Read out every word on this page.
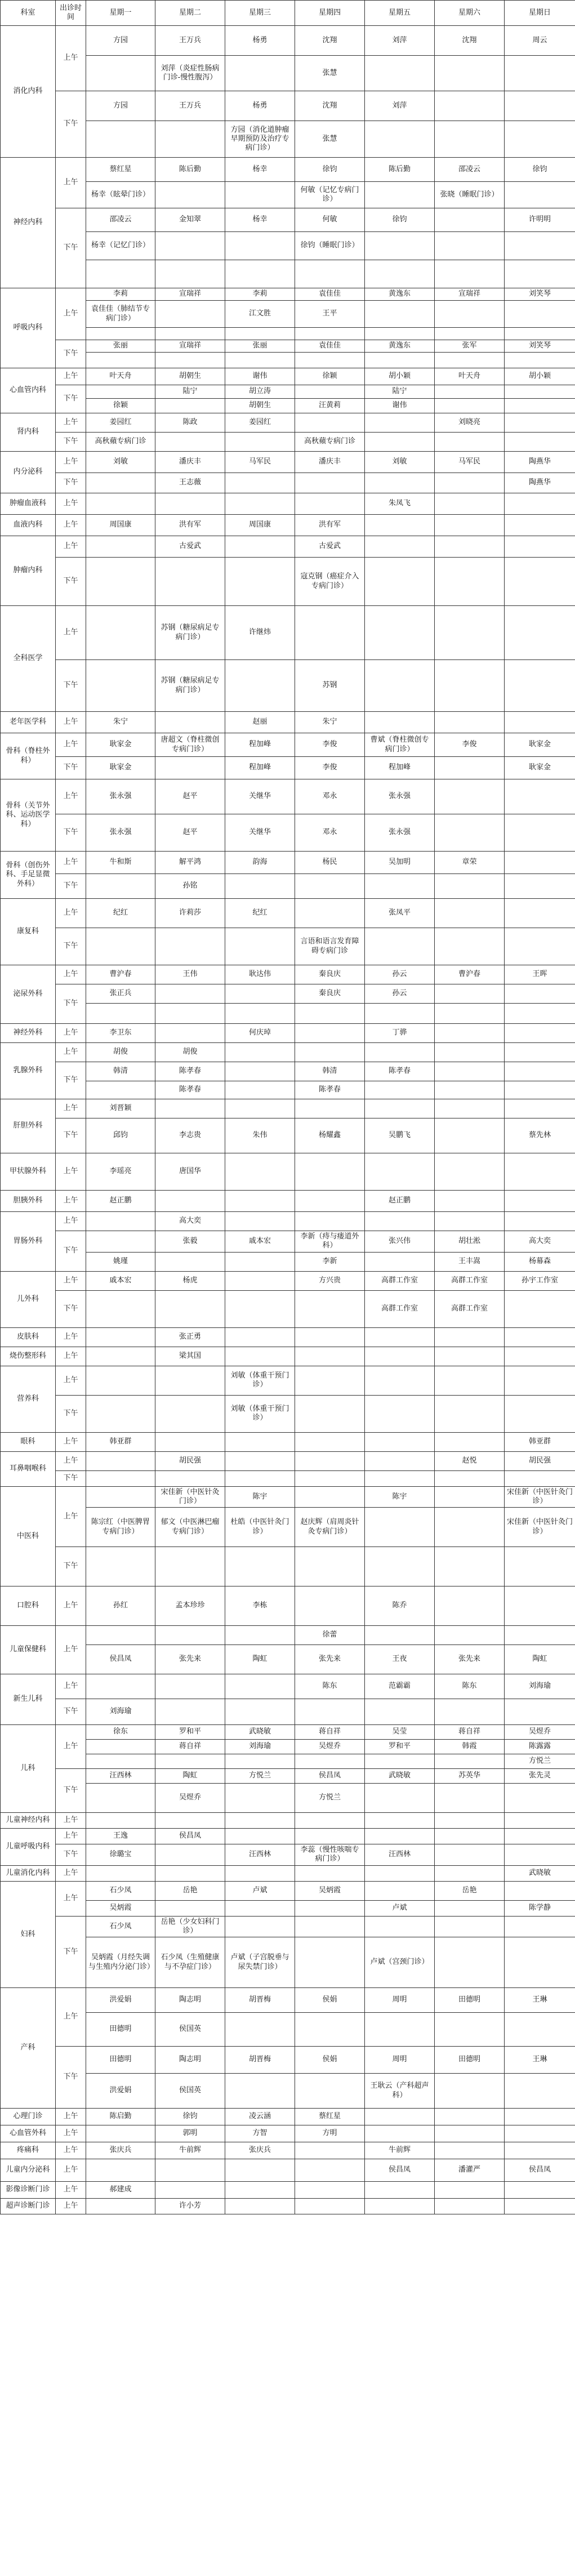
科室	出诊时间	星期一	星期二	星期三	星期四	星期五	星期六	星期日	
消化内科	上午	方园	王万兵	杨勇	沈翔	刘萍	沈翔	周云	
			刘萍（炎症性肠病门诊-慢性腹泻）		张慧				
	下午	方园	王万兵	杨勇	沈翔	刘萍			
				方园（消化道肿瘤早期预防及治疗专病门诊）	张慧				
神经内科	上午	蔡红星	陈后勤	杨幸	徐钧	陈后勤	邵凌云	徐钧	
		杨幸（眩晕门诊）			何敏（记忆专病门诊）		张晓（睡眠门诊）		
	下午	邵凌云	金知翠	杨幸	何敏	徐钧		许明明	
		杨幸（记忆门诊）			徐钧（睡眠门诊）				

呼吸内科	上午	李莉	宣瑞祥	李莉	袁佳佳	黄逸东	宣瑞祥	刘笑琴	
		袁佳佳（肺结节专病门诊）		江文胜	王平				

	下午	张丽	宣瑞祥	张丽	袁佳佳	黄逸东	张军	刘笑琴	

心血管内科	上午	叶天舟	胡朝生	谢伟	徐颖	胡小颖	叶天舟	胡小颖	
	下午		陆宁	胡立涛		陆宁			
		徐颖		胡朝生	汪黄莉	谢伟			
肾内科	上午	姜园红	陈政	姜园红			刘晓亮		
	下午	高秋蘋专病门诊			高秋蘋专病门诊				
内分泌科	上午	刘敏	潘庆丰	马军民	潘庆丰	刘敏	马军民	陶燕华	
	下午		王志薇					陶燕华	
肿瘤血液科	上午					朱凤飞			
血液内科	上午	周国康	洪有军	周国康	洪有军				
肿瘤内科	上午		古爱武		古爱武				
	下午				寇克钢（癌症介入专病门诊）				
全科医学	上午		苏钢（糖尿病足专病门诊）	许继炜					
	下午		苏钢（糖尿病足专病门诊）		苏钢				
老年医学科	上午	朱宁		赵丽	朱宁				
骨科（脊柱外科）	上午	耿家金	唐超文（脊柱微创专病门诊）	程加峰	李俊	曹斌（脊柱微创专病门诊）	李俊	耿家金	
	下午	耿家金		程加峰	李俊	程加峰		耿家金	
骨科（关节外科、运动医学科）	上午	张永强	赵平	关继华	邓永	张永强			
	下午	张永强	赵平	关继华	邓永	张永强			
骨科（创伤外科、手足显微外科）	上午	牛和斯	解平鸿	韵海	杨民	吴加明	章荣		
	下午		孙铭						
康复科	上午	纪红	许莉莎	纪红		张凤平			
	下午				言语和语言发育障碍专病门诊				
泌尿外科	上午	曹沪春	王伟	耿达伟	秦良庆	孙云	曹沪春	王晖	
	下午	张正兵			秦良庆	孙云			

神经外科	上午	李卫东		何庆琸		丁骅			
乳腺外科	上午	胡俊	胡俊						
	下午	韩清	陈孝春		韩清	陈孝春			
			陈孝春		陈孝春				
肝胆外科	上午	刘晋颖							
	下午	邱钧	李志贵	朱伟	杨耀鑫	吴鹏飞		蔡先林	
甲状腺外科	上午	李瑶亮	唐国华						
胆胰外科	上午	赵正鹏				赵正鹏			
胃肠外科	上午		高大奕						
	下午		张毅	戚本宏	李新（痔与瘘道外科）	张兴伟	胡壮淞	高大奕	
		姚瑾			李新		王丰嵩	杨幕森	
儿外科	上午	戚本宏	杨虎		方兴贵	高群工作室	高群工作室	孙宇工作室	
	下午					高群工作室	高群工作室		
皮肤科	上午		张正勇						
烧伤整形科	上午		梁其国						
营养科	上午			刘敏（体重干预门诊）					
	下午			刘敏（体重干预门诊）					
眼科	上午	韩亚群						韩亚群	
耳鼻咽喉科	上午		胡民强				赵悦	胡民强	
	下午								
中医科	上午		宋佳新（中医针灸门诊）	陈宇		陈宇		宋佳新（中医针灸门诊）	
		陈宗红（中医脾胃专病门诊）	郁文（中医淋巴瘤专病门诊）	杜皓（中医针灸门诊）	赵庆辉（肩周炎针灸专病门诊）			宋佳新（中医针灸门诊）	
	下午								
口腔科	上午	孙红	孟本珍珍	李栋		陈乔			
儿童保健科	上午				徐蕾				
		侯昌凤	张先来	陶虹	张先来	王夜	张先来	陶虹	
新生儿科	上午				陈东	范霸霸	陈东	刘海瑜	
	下午	刘海瑜							
儿科	上午	徐东	罗和平	武晓敏	蒋自祥	吴莹	蒋自祥	吴煜乔	
			蒋自祥	刘海瑜	吴煜乔	罗和平	韩霞	陈露露	
								方悦兰	
	下午	汪西林	陶虹	方悦兰	侯昌凤	武晓敏	苏英华	张先灵	
			吴煜乔		方悦兰				
儿童神经内科	上午								
儿童呼吸内科	上午	王逸	侯昌凤						
	下午	徐璐宝		汪西林	李蕊（慢性咳喘专病门诊）	汪西林			
儿童消化内科	上午							武晓敏	
妇科	上午	石少凤	岳艳	卢斌	吴炳霞		岳艳		
		吴炳霞				卢斌		陈学静	
	下午	石少凤	岳艳（少女妇科门诊）						
		吴炳霞（月经失调与生殖内分泌门诊）	石少凤（生殖健康与不孕症门诊）	卢斌（子宫脱垂与尿失禁门诊）		卢斌（宫颈门诊）			
产科	上午	洪爱娟	陶志明	胡晋梅	侯娟	周明	田德明	王琳	
		田德明	侯国英						
	下午	田德明	陶志明	胡晋梅	侯娟	周明	田德明	王琳	
		洪爱娟	侯国英			王耿云（产科超声科）			
心理门诊	上午	陈启勤	徐钧	凌云涵	蔡红星				
心血管外科	上午		郭明	方智	方明				
疼痛科	上午	张庆兵	牛前辉	张庆兵		牛前辉			
儿童内分泌科	上午					侯昌凤	潘灌严	侯昌凤	
影像诊断门诊	上午	郝建成							
超声诊断门诊	上午		许小芳						
